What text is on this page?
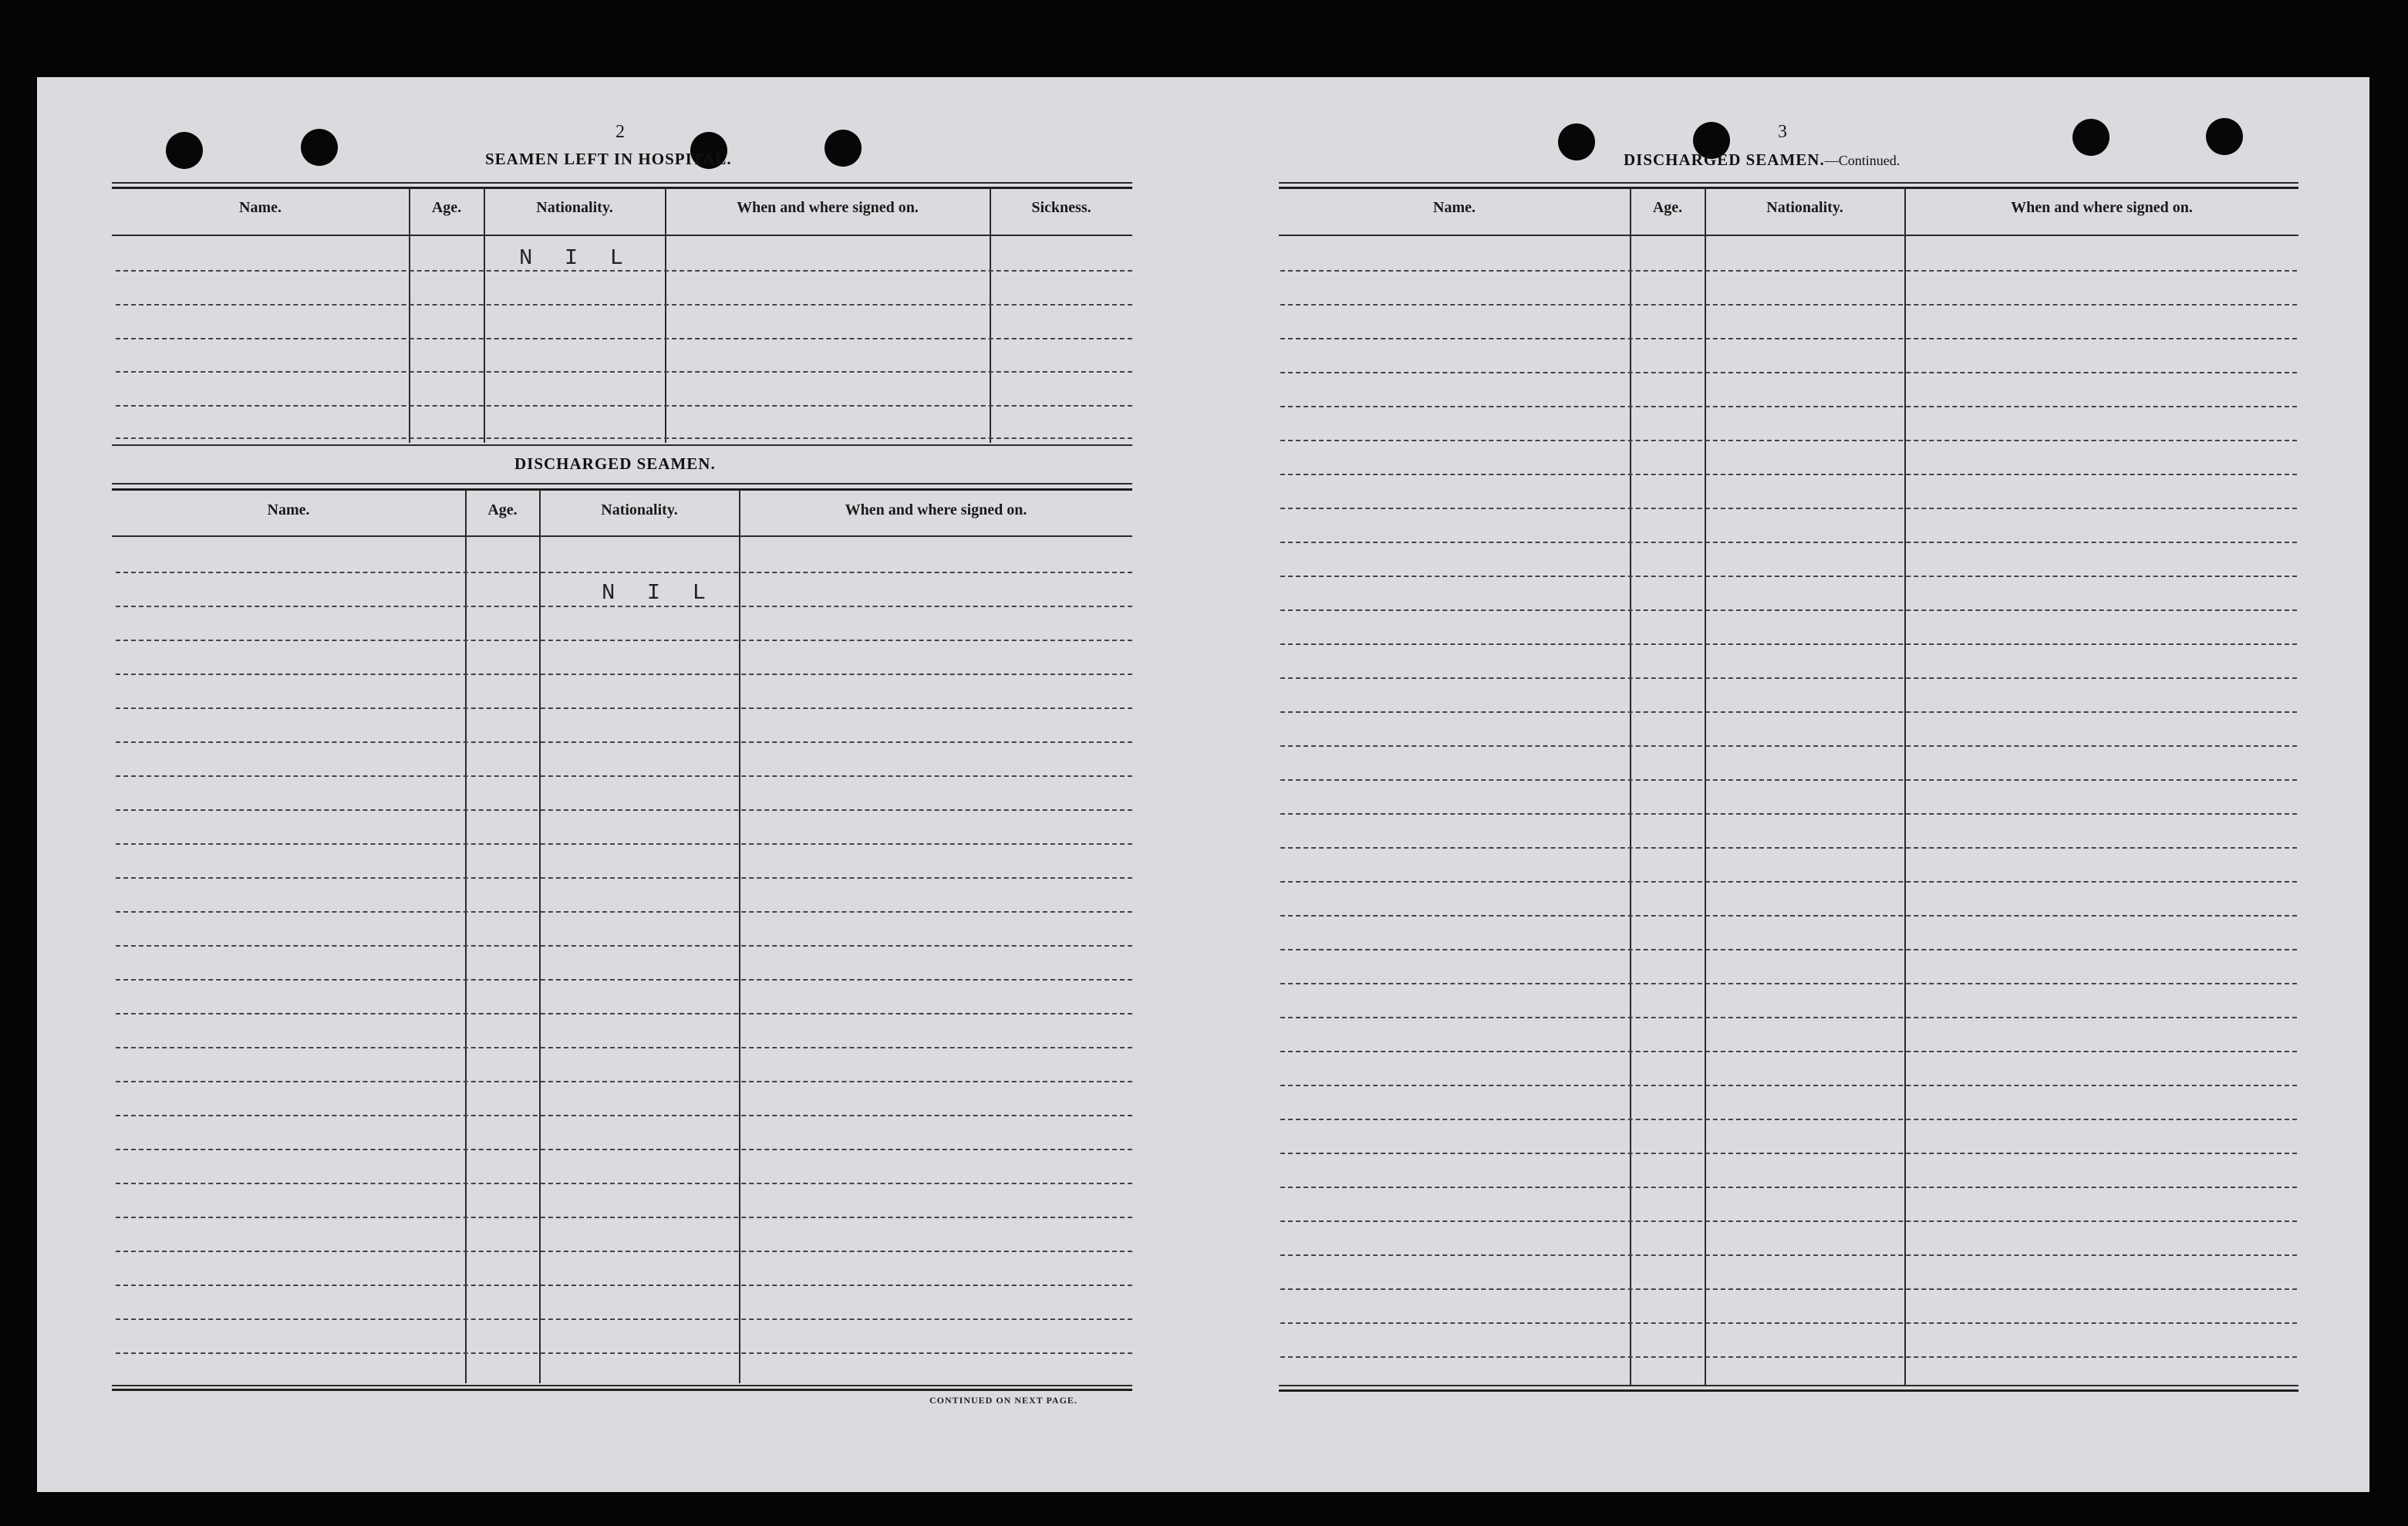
2
SEAMEN LEFT IN HOSPITAL.
Name.	Age.	Nationality.	When and where signed on.	Sickness.
N I L
DISCHARGED SEAMEN.
Name.	Age.	Nationality.	When and where signed on.
N I L
CONTINUED ON NEXT PAGE.
3
DISCHARGED SEAMEN.—Continued.
Name.	Age.	Nationality.	When and where signed on.
